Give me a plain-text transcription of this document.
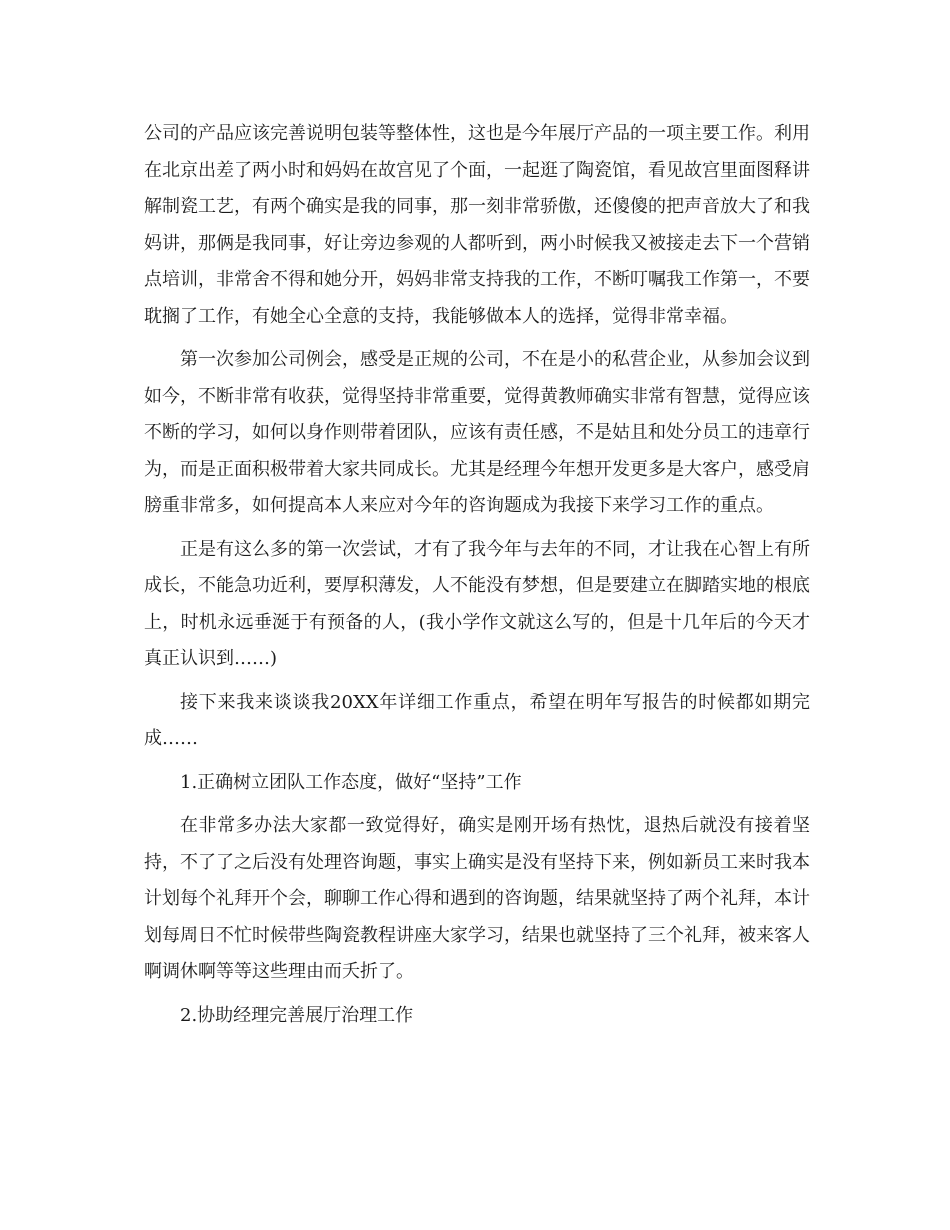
公司的产品应该完善说明包装等整体性，这也是今年展厅产品的一项主要工作。利用在北京出差了两小时和妈妈在故宫见了个面，一起逛了陶瓷馆，看见故宫里面图释讲解制瓷工艺，有两个确实是我的同事，那一刻非常骄傲，还傻傻的把声音放大了和我妈讲，那俩是我同事，好让旁边参观的人都听到，两小时候我又被接走去下一个营销点培训，非常舍不得和她分开，妈妈非常支持我的工作，不断叮嘱我工作第一，不要耽搁了工作，有她全心全意的支持，我能够做本人的选择，觉得非常幸福。

第一次参加公司例会，感受是正规的公司，不在是小的私营企业，从参加会议到如今，不断非常有收获，觉得坚持非常重要，觉得黄教师确实非常有智慧，觉得应该不断的学习，如何以身作则带着团队，应该有责任感，不是姑且和处分员工的违章行为，而是正面积极带着大家共同成长。尤其是经理今年想开发更多是大客户，感受肩膀重非常多，如何提高本人来应对今年的咨询题成为我接下来学习工作的重点。

正是有这么多的第一次尝试，才有了我今年与去年的不同，才让我在心智上有所成长，不能急功近利，要厚积薄发，人不能没有梦想，但是要建立在脚踏实地的根底上，时机永远垂涎于有预备的人，(我小学作文就这么写的，但是十几年后的今天才真正认识到……)

接下来我来谈谈我20XX年详细工作重点，希望在明年写报告的时候都如期完成……

1.正确树立团队工作态度，做好“坚持”工作

在非常多办法大家都一致觉得好，确实是刚开场有热忱，退热后就没有接着坚持，不了了之后没有处理咨询题，事实上确实是没有坚持下来，例如新员工来时我本计划每个礼拜开个会，聊聊工作心得和遇到的咨询题，结果就坚持了两个礼拜，本计划每周日不忙时候带些陶瓷教程讲座大家学习，结果也就坚持了三个礼拜，被来客人啊调休啊等等这些理由而夭折了。

2.协助经理完善展厅治理工作
